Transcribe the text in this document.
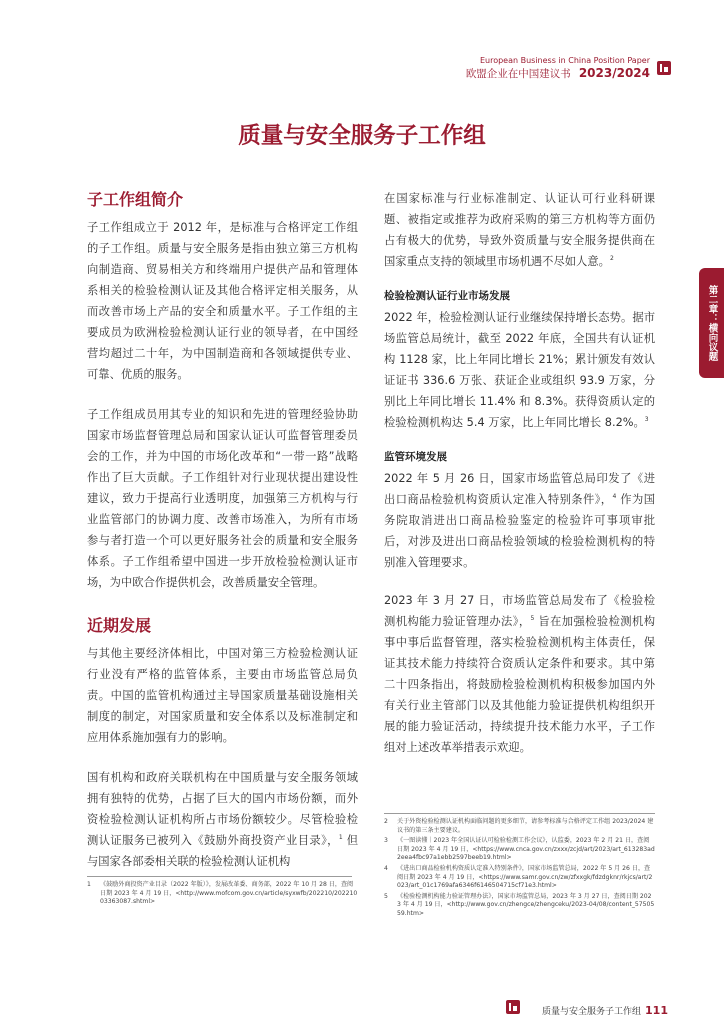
European Business in China Position Paper
欧盟企业在中国建议书 2023/2024
质量与安全服务子工作组
第二章：横向议题
子工作组简介

子工作组成立于 2012 年，是标准与合格评定工作组的子工作组。质量与安全服务是指由独立第三方机构向制造商、贸易相关方和终端用户提供产品和管理体系相关的检验检测认证及其他合格评定相关服务，从而改善市场上产品的安全和质量水平。子工作组的主要成员为欧洲检验检测认证行业的领导者，在中国经营均超过二十年，为中国制造商和各领域提供专业、可靠、优质的服务。

子工作组成员用其专业的知识和先进的管理经验协助国家市场监督管理总局和国家认证认可监督管理委员会的工作，并为中国的市场化改革和“一带一路”战略作出了巨大贡献。子工作组针对行业现状提出建设性建议，致力于提高行业透明度，加强第三方机构与行业监管部门的协调力度、改善市场准入，为所有市场参与者打造一个可以更好服务社会的质量和安全服务体系。子工作组希望中国进一步开放检验检测认证市场，为中欧合作提供机会，改善质量安全管理。

近期发展

与其他主要经济体相比，中国对第三方检验检测认证行业没有严格的监管体系，主要由市场监管总局负责。中国的监管机构通过主导国家质量基础设施相关制度的制定，对国家质量和安全体系以及标准制定和应用体系施加强有力的影响。

国有机构和政府关联机构在中国质量与安全服务领域拥有独特的优势，占据了巨大的国内市场份额，而外资检验检测认证机构所占市场份额较少。尽管检验检测认证服务已被列入《鼓励外商投资产业目录》，$^1$ 但与国家各部委相关联的检验检测认证机构

在国家标准与行业标准制定、认证认可行业科研课题、被指定或推荐为政府采购的第三方机构等方面仍占有极大的优势，导致外资质量与安全服务提供商在国家重点支持的领域里市场机遇不尽如人意。$^2$

检验检测认证行业市场发展

2022 年，检验检测认证行业继续保持增长态势。据市场监管总局统计，截至 2022 年底，全国共有认证机构 1128 家，比上年同比增长 21%；累计颁发有效认证证书 336.6 万张、获证企业或组织 93.9 万家，分别比上年同比增长 11.4% 和 8.3%。获得资质认定的检验检测机构达 5.4 万家，比上年同比增长 8.2%。$^3$

监管环境发展

2022 年 5 月 26 日，国家市场监管总局印发了《进出口商品检验机构资质认定准入特别条件》，$^4$ 作为国务院取消进出口商品检验鉴定的检验许可事项审批后，对涉及进出口商品检验领域的检验检测机构的特别准入管理要求。

2023 年 3 月 27 日，市场监管总局发布了《检验检测机构能力验证管理办法》，$^5$ 旨在加强检验检测机构事中事后监督管理，落实检验检测机构主体责任，保证其技术能力持续符合资质认定条件和要求。其中第二十四条指出，将鼓励检验检测机构积极参加国内外有关行业主管部门以及其他能力验证提供机构组织开展的能力验证活动，持续提升技术能力水平，子工作组对上述改革举措表示欢迎。

1	《鼓励外商投资产业目录（2022 年版）》，发展改革委、商务部，2022 年 10 月 28 日，查阅日期 2023 年 4 月 19 日，<http://www.mofcom.gov.cn/article/syxwfb/202210/20221003363087.shtml>
2	关于外资检验检测认证机构面临问题的更多细节，请参考标准与合格评定工作组 2023/2024 建议书的第三条主要建议。
3	《一图读懂｜2023 年全国认证认可检验检测工作会议》，认监委，2023 年 2 月 21 日，查阅日期 2023 年 4 月 19 日，<https://www.cnca.gov.cn/zxxx/zcjd/art/2023/art_613283ad2eea4fbc97a1ebb2597beeb19.html>
4	《进出口商品检验机构资质认定准入特别条件》，国家市场监管总局，2022 年 5 月 26 日，查阅日期 2023 年 4 月 19 日，<https://www.samr.gov.cn/zw/zfxxgk/fdzdgknr/rkjcs/art/2023/art_01c1769afa6346f6146504715cf71e3.html>
5	《检验检测机构能力验证管理办法》，国家市场监管总局，2023 年 3 月 27 日，查阅日期 2023 年 4 月 19 日，<http://www.gov.cn/zhengce/zhengceku/2023-04/08/content_5750559.htm>
质量与安全服务子工作组 111
